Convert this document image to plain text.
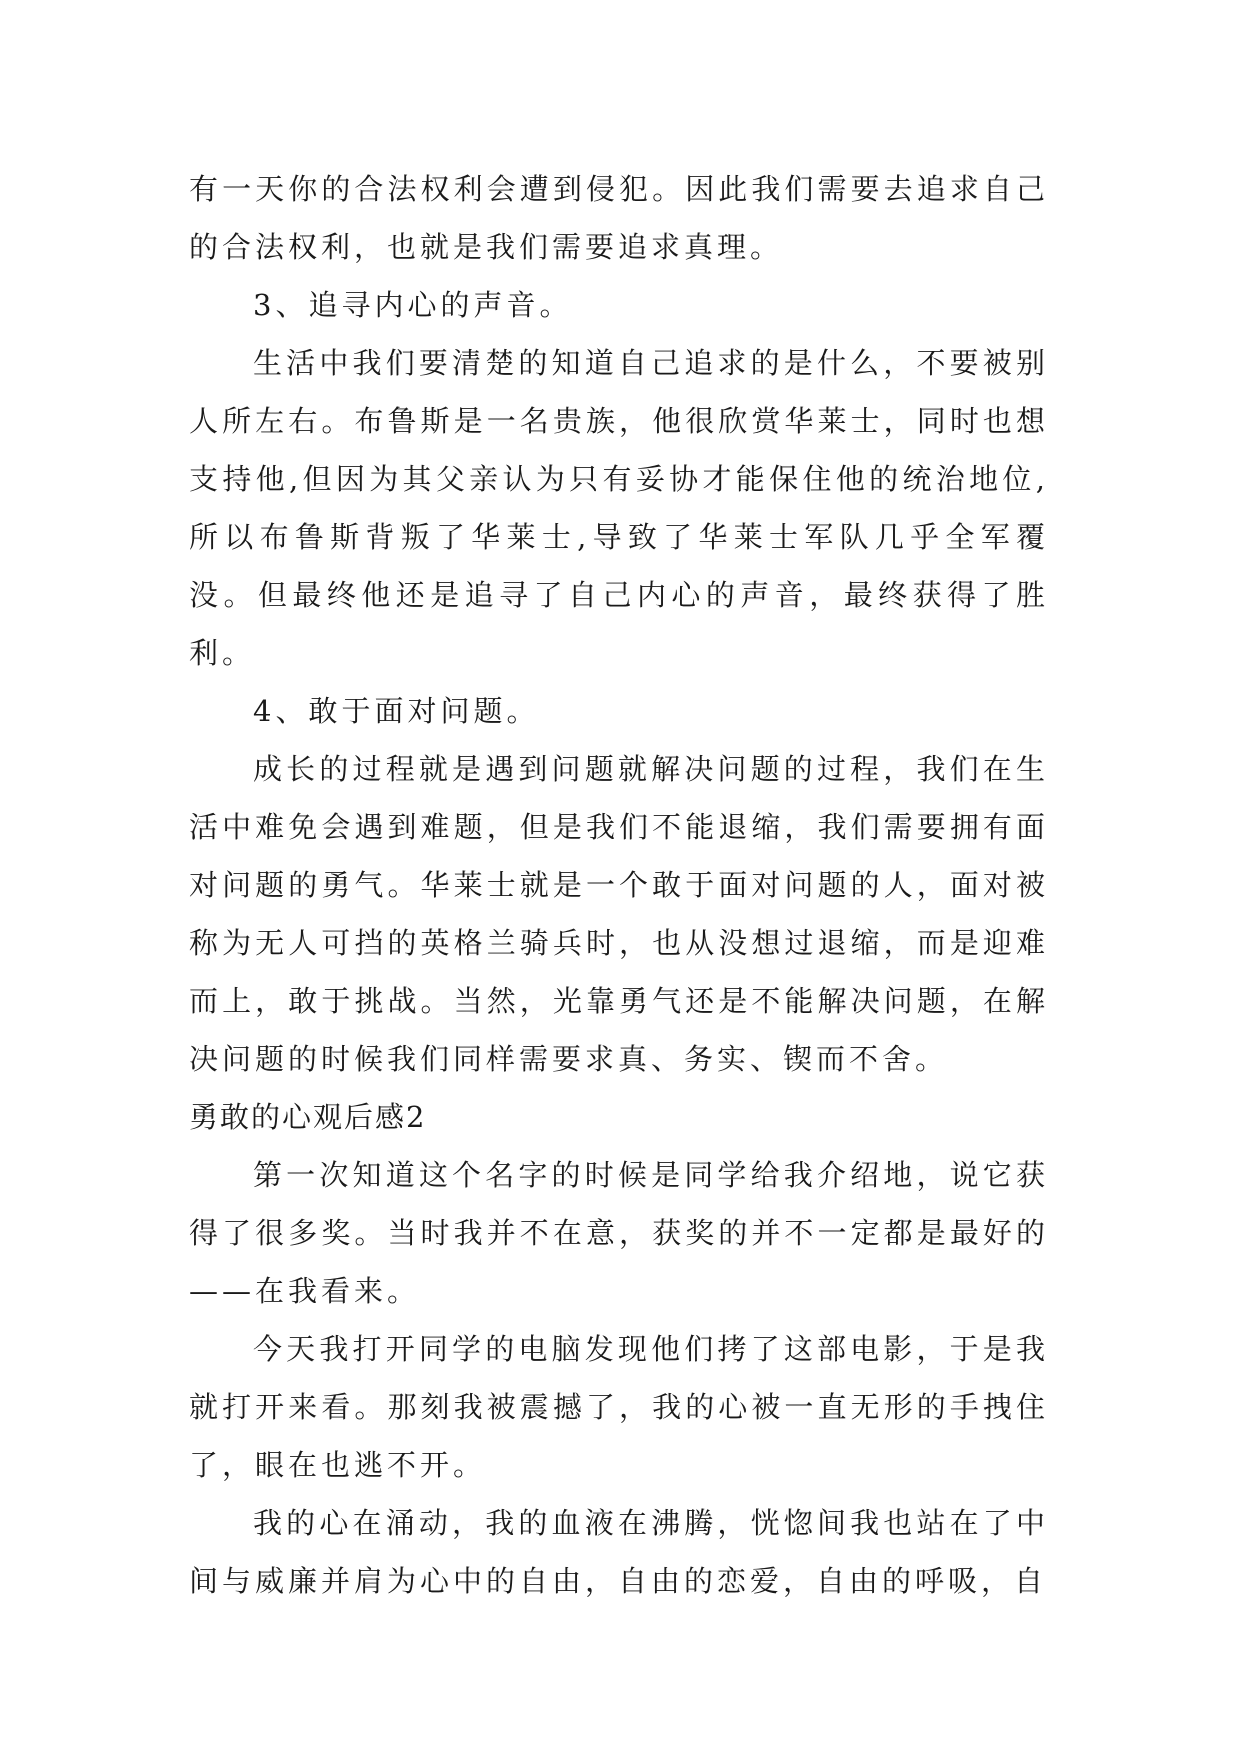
有一天你的合法权利会遭到侵犯。因此我们需要去追求自己的合法权利，也就是我们需要追求真理。

3、追寻内心的声音。

生活中我们要清楚的知道自己追求的是什么，不要被别人所左右。布鲁斯是一名贵族，他很欣赏华莱士，同时也想支持他,但因为其父亲认为只有妥协才能保住他的统治地位,所以布鲁斯背叛了华莱士,导致了华莱士军队几乎全军覆没。但最终他还是追寻了自己内心的声音，最终获得了胜利。

4、敢于面对问题。

成长的过程就是遇到问题就解决问题的过程，我们在生活中难免会遇到难题，但是我们不能退缩，我们需要拥有面对问题的勇气。华莱士就是一个敢于面对问题的人，面对被称为无人可挡的英格兰骑兵时，也从没想过退缩，而是迎难而上，敢于挑战。当然，光靠勇气还是不能解决问题，在解决问题的时候我们同样需要求真、务实、锲而不舍。

勇敢的心观后感2

第一次知道这个名字的时候是同学给我介绍地，说它获得了很多奖。当时我并不在意，获奖的并不一定都是最好的——在我看来。

今天我打开同学的电脑发现他们拷了这部电影，于是我就打开来看。那刻我被震撼了，我的心被一直无形的手拽住了，眼在也逃不开。

我的心在涌动，我的血液在沸腾，恍惚间我也站在了中间与威廉并肩为心中的自由，自由的恋爱，自由的呼吸，自
